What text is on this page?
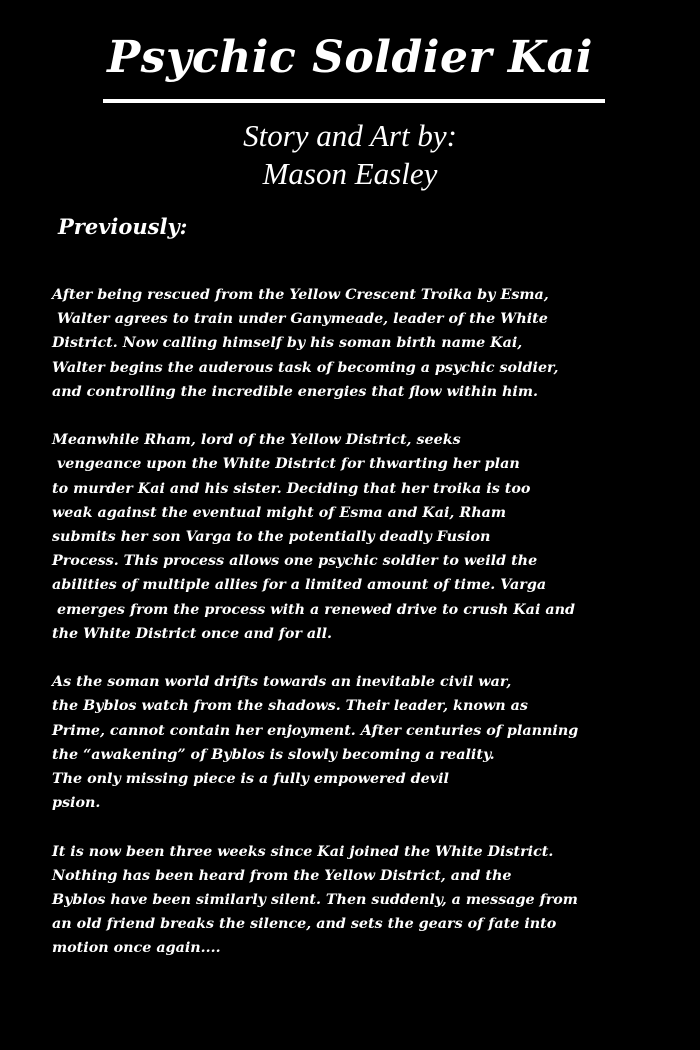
Psychic Soldier Kai
Story and Art by:
Mason Easley
Previously:
After being rescued from the Yellow Crescent Troika by Esma,
Walter agrees to train under Ganymeade, leader of the White
District. Now calling himself by his soman birth name Kai,
Walter begins the auderous task of becoming a psychic soldier,
and controlling the incredible energies that flow within him.

Meanwhile Rham, lord of the Yellow District, seeks
vengeance upon the White District for thwarting her plan
to murder Kai and his sister. Deciding that her troika is too
weak against the eventual might of Esma and Kai, Rham
submits her son Varga to the potentially deadly Fusion
Process. This process allows one psychic soldier to weild the
abilities of multiple allies for a limited amount of time. Varga
emerges from the process with a renewed drive to crush Kai and
the White District once and for all.

As the soman world drifts towards an inevitable civil war,
the Byblos watch from the shadows. Their leader, known as
Prime, cannot contain her enjoyment. After centuries of planning
the “awakening” of Byblos is slowly becoming a reality.
The only missing piece is a fully empowered devil
psion.

It is now been three weeks since Kai joined the White District.
Nothing has been heard from the Yellow District, and the
Byblos have been similarly silent. Then suddenly, a message from
an old friend breaks the silence, and sets the gears of fate into
motion once again....
